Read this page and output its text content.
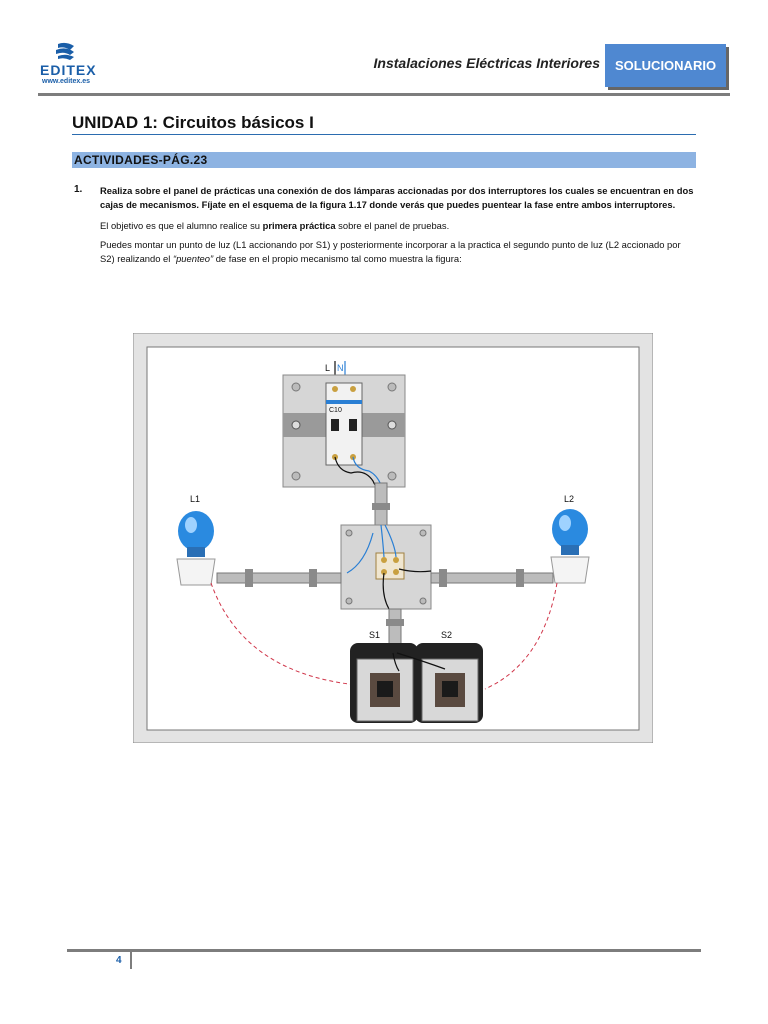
EDITEX
www.editex.es
Instalaciones Eléctricas Interiores	SOLUCIONARIO
UNIDAD 1: Circuitos básicos I
ACTIVIDADES-PÁG.23
1. Realiza sobre el panel de prácticas una conexión de dos lámparas accionadas por dos interruptores los cuales se encuentran en dos cajas de mecanismos. Fíjate en el esquema de la figura 1.17 donde verás que puedes puentear la fase entre ambos interruptores.
El objetivo es que el alumno realice su primera práctica sobre el panel de pruebas.
Puedes montar un punto de luz (L1 accionando por S1) y posteriormente incorporar a la practica el segundo punto de luz (L2 accionado por S2) realizando el “puenteo” de fase en el propio mecanismo tal como muestra la figura:
L N
C10
L1	L2
S1	S2
4
